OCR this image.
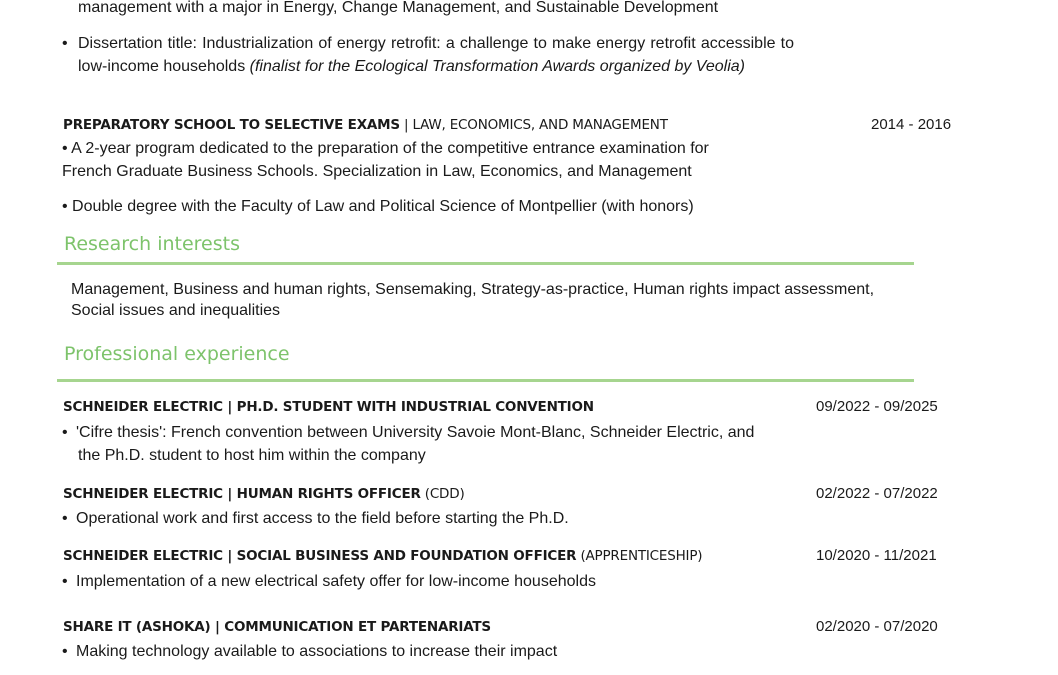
management with a major in Energy, Change Management, and Sustainable Development
• Dissertation title: Industrialization of energy retrofit: a challenge to make energy retrofit accessible to low-income households (finalist for the Ecological Transformation Awards organized by Veolia)
PREPARATORY SCHOOL TO SELECTIVE EXAMS | LAW, ECONOMICS, AND MANAGEMENT	2014 - 2016
• A 2-year program dedicated to the preparation of the competitive entrance examination for
French Graduate Business Schools. Specialization in Law, Economics, and Management
• Double degree with the Faculty of Law and Political Science of Montpellier (with honors)
Research interests
Management, Business and human rights, Sensemaking, Strategy-as-practice, Human rights impact assessment,
Social issues and inequalities
Professional experience
SCHNEIDER ELECTRIC | PH.D. STUDENT WITH INDUSTRIAL CONVENTION	09/2022 - 09/2025
• 'Cifre thesis': French convention between University Savoie Mont-Blanc, Schneider Electric, and
the Ph.D. student to host him within the company
SCHNEIDER ELECTRIC | HUMAN RIGHTS OFFICER (CDD)	02/2022 - 07/2022
• Operational work and first access to the field before starting the Ph.D.
SCHNEIDER ELECTRIC | SOCIAL BUSINESS AND FOUNDATION OFFICER (APPRENTICESHIP)	10/2020 - 11/2021
• Implementation of a new electrical safety offer for low-income households
SHARE IT (ASHOKA) | COMMUNICATION ET PARTENARIATS	02/2020 - 07/2020
• Making technology available to associations to increase their impact
